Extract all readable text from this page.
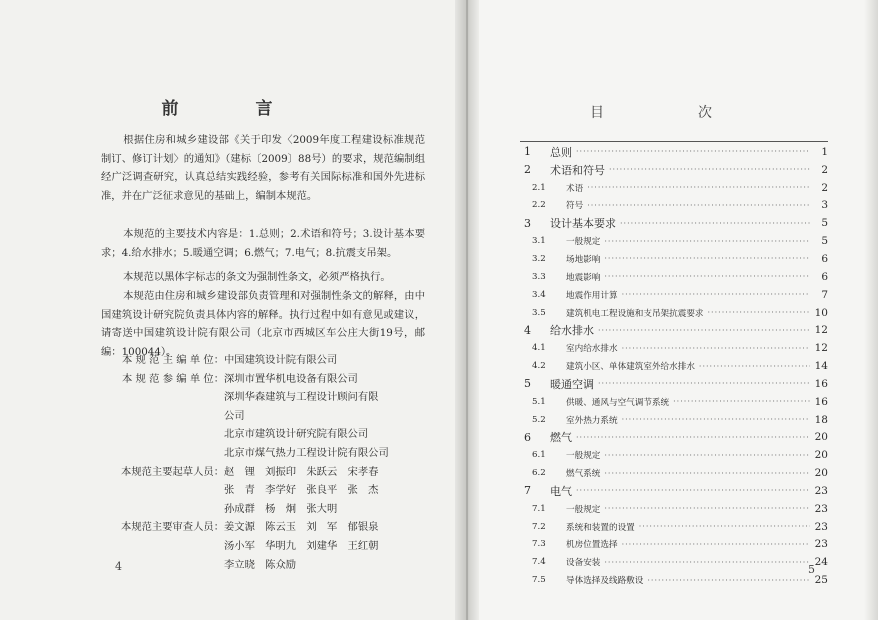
前　言

根据住房和城乡建设部《关于印发〈2009年度工程建设标准规范制订、修订计划〉的通知》（建标〔2009〕88号）的要求，规范编制组经广泛调查研究，认真总结实践经验，参考有关国际标准和国外先进标准，并在广泛征求意见的基础上，编制本规范。

本规范的主要技术内容是：1.总则；2.术语和符号；3.设计基本要求；4.给水排水；5.暖通空调；6.燃气；7.电气；8.抗震支吊架。

本规范以黑体字标志的条文为强制性条文，必须严格执行。

本规范由住房和城乡建设部负责管理和对强制性条文的解释，由中国建筑设计研究院负责具体内容的解释。执行过程中如有意见或建议，请寄送中国建筑设计院有限公司（北京市西城区车公庄大街19号，邮编：100044）。

本 规 范 主 编 单 位： 中国建筑设计院有限公司
本 规 范 参 编 单 位： 深圳市置华机电设备有限公司
深圳华森建筑与工程设计顾问有限
公司
北京市建筑设计研究院有限公司
北京市煤气热力工程设计院有限公司
本规范主要起草人员： 赵　锂　刘振印　朱跃云　宋孝春
张　青　李学好　张良平　张　杰
孙成群　杨　炯　张大明
本规范主要审查人员： 姜文源　陈云玉　刘　军　郁银泉
汤小军　华明九　刘建华　王红朝
李立晓　陈众励
4
目　次
1	总则 ·····	1
2	术语和符号 ·····	2
2.1	术语 ·····	2
2.2	符号 ·····	3
3	设计基本要求 ·····	5
3.1	一般规定 ·····	5
3.2	场地影响 ·····	6
3.3	地震影响 ·····	6
3.4	地震作用计算 ·····	7
3.5	建筑机电工程设施和支吊架抗震要求 ·····	10
4	给水排水 ·····	12
4.1	室内给水排水 ·····	12
4.2	建筑小区、单体建筑室外给水排水 ·····	14
5	暖通空调 ·····	16
5.1	供暖、通风与空气调节系统 ·····	16
5.2	室外热力系统 ·····	18
6	燃气 ·····	20
6.1	一般规定 ·····	20
6.2	燃气系统 ·····	20
7	电气 ·····	23
7.1	一般规定 ·····	23
7.2	系统和装置的设置 ·····	23
7.3	机房位置选择 ·····	23
7.4	设备安装 ·····	24
7.5	导体选择及线路敷设 ·····	25
5
